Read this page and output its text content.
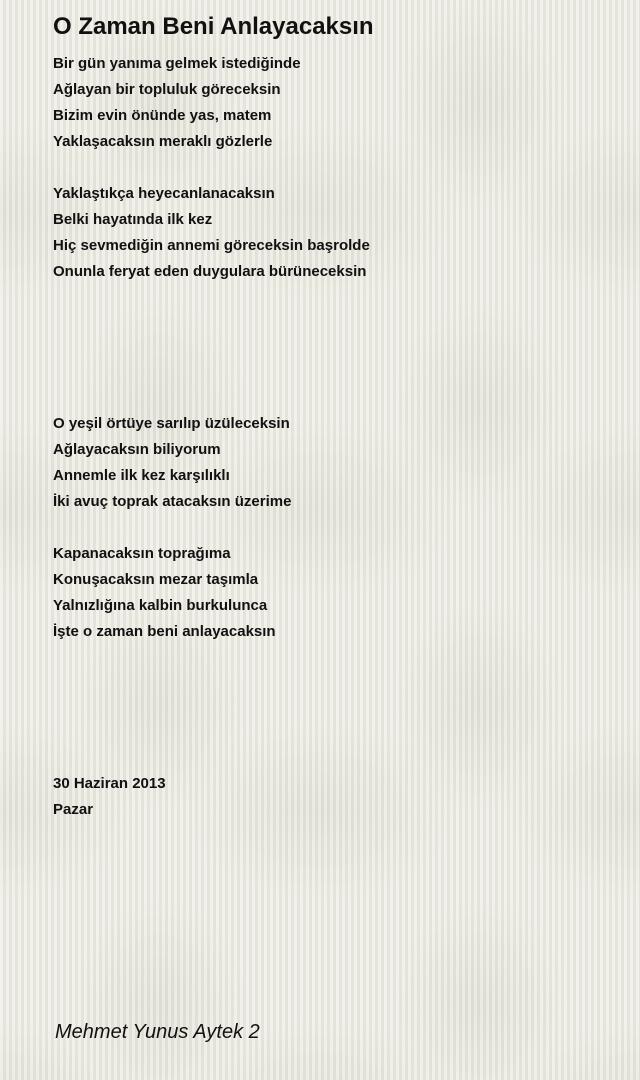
O Zaman Beni Anlayacaksın

Bir gün yanıma gelmek istediğinde

Ağlayan bir topluluk göreceksin

Bizim evin önünde yas, matem

Yaklaşacaksın meraklı gözlerle

Yaklaştıkça heyecanlanacaksın

Belki hayatında ilk kez

Hiç sevmediğin annemi göreceksin başrolde

Onunla feryat eden duygulara bürüneceksin

O yeşil örtüye sarılıp üzüleceksin

Ağlayacaksın biliyorum

Annemle ilk kez karşılıklı

İki avuç toprak atacaksın üzerime

Kapanacaksın toprağıma

Konuşacaksın mezar taşımla

Yalnızlığına kalbin burkulunca

İşte o zaman beni anlayacaksın

30 Haziran 2013

Pazar

Mehmet Yunus Aytek 2
